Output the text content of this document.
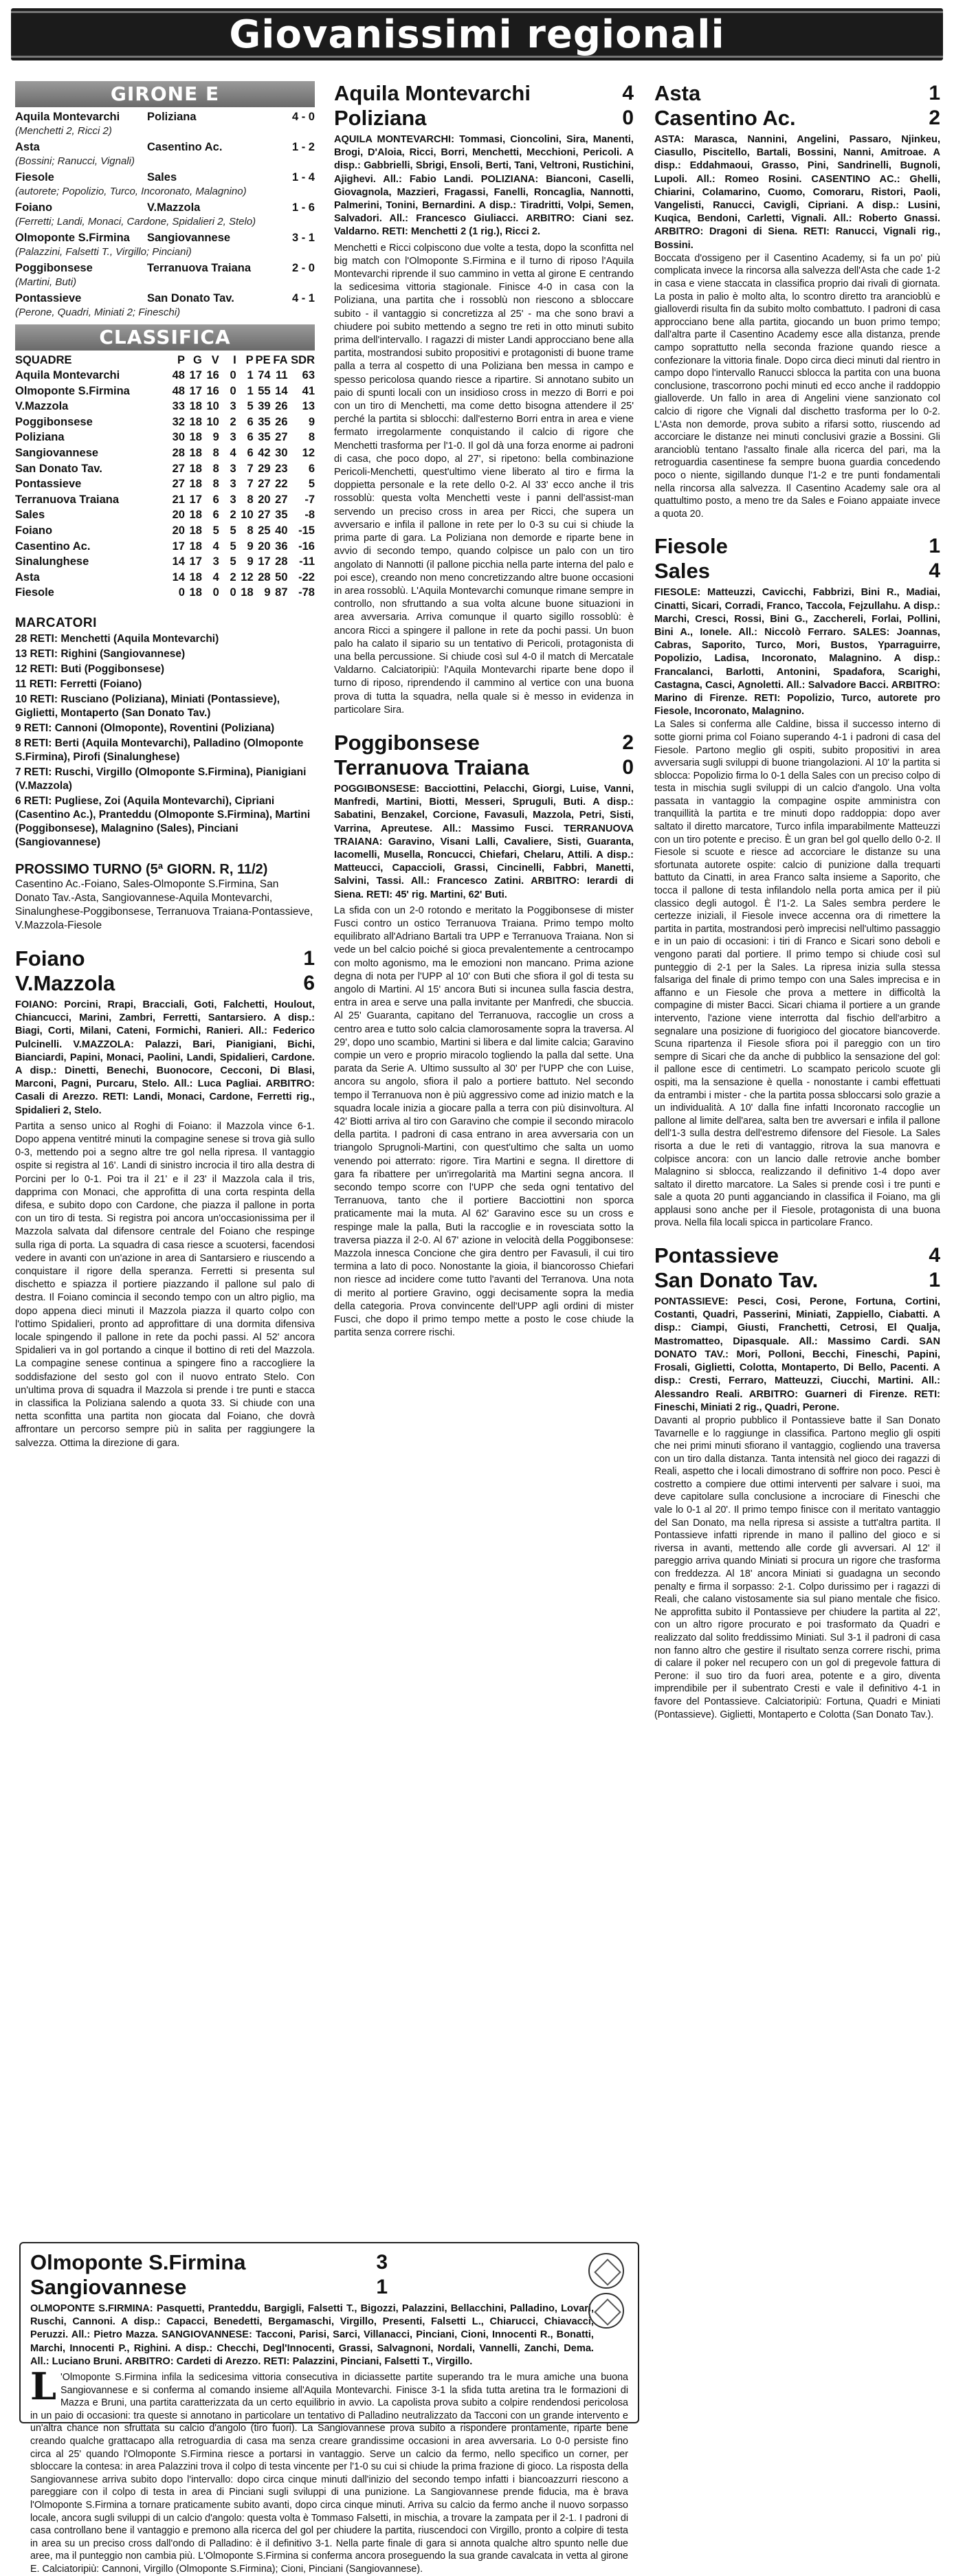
Giovanissimi regionali
GIRONE E
Aquila Montevarchi	Poliziana	4 - 0
(Menchetti 2, Ricci 2)
Asta	Casentino Ac.	1 - 2
(Bossini; Ranucci, Vignali)
Fiesole	Sales	1 - 4
(autorete; Popolizio, Turco, Incoronato, Malagnino)
Foiano	V.Mazzola	1 - 6
(Ferretti; Landi, Monaci, Cardone, Spidalieri 2, Stelo)
Olmoponte S.Firmina	Sangiovannese	3 - 1
(Palazzini, Falsetti T., Virgillo; Pinciani)
Poggibonsese	Terranuova Traiana	2 - 0
(Martini, Buti)
Pontassieve	San Donato Tav.	4 - 1
(Perone, Quadri, Miniati 2; Fineschi)
CLASSIFICA
SQUADRE	P	G	V	I	P	PE	FA	SDR
Aquila Montevarchi	48	17	16	0	1	74	11	63
Olmoponte S.Firmina	48	17	16	0	1	55	14	41
V.Mazzola	33	18	10	3	5	39	26	13
Poggibonsese	32	18	10	2	6	35	26	9
Poliziana	30	18	9	3	6	35	27	8
Sangiovannese	28	18	8	4	6	42	30	12
San Donato Tav.	27	18	8	3	7	29	23	6
Pontassieve	27	18	8	3	7	27	22	5
Terranuova Traiana	21	17	6	3	8	20	27	-7
Sales	20	18	6	2	10	27	35	-8
Foiano	20	18	5	5	8	25	40	-15
Casentino Ac.	17	18	4	5	9	20	36	-16
Sinalunghese	14	17	3	5	9	17	28	-11
Asta	14	18	4	2	12	28	50	-22
Fiesole	0	18	0	0	18	9	87	-78
MARCATORI
28 RETI: Menchetti (Aquila Montevarchi)
13 RETI: Righini (Sangiovannese)
12 RETI: Buti (Poggibonsese)
11 RETI: Ferretti (Foiano)
10 RETI: Rusciano (Poliziana), Miniati (Pontassieve), Giglietti, Montaperto (San Donato Tav.)
9 RETI: Cannoni (Olmoponte), Roventini (Poliziana)
8 RETI: Berti (Aquila Montevarchi), Palladino (Olmoponte S.Firmina), Pirofi (Sinalunghese)
7 RETI: Ruschi, Virgillo (Olmoponte S.Firmina), Pianigiani (V.Mazzola)
6 RETI: Pugliese, Zoi (Aquila Montevarchi), Cipriani (Casentino Ac.), Pranteddu (Olmoponte S.Firmina), Martini (Poggibonsese), Malagnino (Sales), Pinciani (Sangiovannese)
PROSSIMO TURNO (5ª GIORN. R, 11/2)
Casentino Ac.-Foiano, Sales-Olmoponte S.Firmina, San Donato Tav.-Asta, Sangiovannese-Aquila Montevarchi, Sinalunghese-Poggibonsese, Terranuova Traiana-Pontassieve, V.Mazzola-Fiesole
Foiano	1
V.Mazzola	6
FOIANO: Porcini, Rrapi, Bracciali, Goti, Falchetti, Houlout, Chiancucci, Marini, Zambri, Ferretti, Santarsiero. A disp.: Biagi, Corti, Milani, Cateni, Formichi, Ranieri. All.: Federico Pulcinelli. V.MAZZOLA: Palazzi, Bari, Pianigiani, Bichi, Bianciardi, Papini, Monaci, Paolini, Landi, Spidalieri, Cardone. A disp.: Dinetti, Benechi, Buonocore, Cecconi, Di Blasi, Marconi, Pagni, Purcaru, Stelo. All.: Luca Pagliai. ARBITRO: Casali di Arezzo. RETI: Landi, Monaci, Cardone, Ferretti rig., Spidalieri 2, Stelo.
Partita a senso unico al Roghi di Foiano: il Mazzola vince 6-1. Dopo appena ventitré minuti la compagine senese si trova già sullo 0-3, mettendo poi a segno altre tre gol nella ripresa. Il vantaggio ospite si registra al 16'. Landi di sinistro incrocia il tiro alla destra di Porcini per lo 0-1. Poi tra il 21' e il 23' il Mazzola cala il tris, dapprima con Monaci, che approfitta di una corta respinta della difesa, e subito dopo con Cardone, che piazza il pallone in porta con un tiro di testa. Si registra poi ancora un'occasionissima per il Mazzola salvata dal difensore centrale del Foiano che respinge sulla riga di porta. La squadra di casa riesce a scuotersi, facendosi vedere in avanti con un'azione in area di Santarsiero e riuscendo a conquistare il rigore della speranza. Ferretti si presenta sul dischetto e spiazza il portiere piazzando il pallone sul palo di destra. Il Foiano comincia il secondo tempo con un altro piglio, ma dopo appena dieci minuti il Mazzola piazza il quarto colpo con l'ottimo Spidalieri, pronto ad approfittare di una dormita difensiva locale spingendo il pallone in rete da pochi passi. Al 52' ancora Spidalieri va in gol portando a cinque il bottino di reti del Mazzola. La compagine senese continua a spingere fino a raccogliere la soddisfazione del sesto gol con il nuovo entrato Stelo. Con un'ultima prova di squadra il Mazzola si prende i tre punti e stacca in classifica la Poliziana salendo a quota 33. Si chiude con una netta sconfitta una partita non giocata dal Foiano, che dovrà affrontare un percorso sempre più in salita per raggiungere la salvezza. Ottima la direzione di gara.
Aquila Montevarchi	4
Poliziana	0
AQUILA MONTEVARCHI: Tommasi, Cioncolini, Sira, Manenti, Brogi, D'Aloia, Ricci, Borri, Menchetti, Mecchioni, Pericoli. A disp.: Gabbrielli, Sbrigi, Ensoli, Berti, Tani, Veltroni, Rustichini, Ajighevi. All.: Fabio Landi. POLIZIANA: Bianconi, Caselli, Giovagnola, Mazzieri, Fragassi, Fanelli, Roncaglia, Nannotti, Palmerini, Tonini, Bernardini. A disp.: Tiradritti, Volpi, Semen, Salvadori. All.: Francesco Giuliacci. ARBITRO: Ciani sez. Valdarno. RETI: Menchetti 2 (1 rig.), Ricci 2.
Menchetti e Ricci colpiscono due volte a testa, dopo la sconfitta nel big match con l'Olmoponte S.Firmina e il turno di riposo l'Aquila Montevarchi riprende il suo cammino in vetta al girone E centrando la sedicesima vittoria stagionale. Finisce 4-0 in casa con la Poliziana, una partita che i rossoblù non riescono a sbloccare subito - il vantaggio si concretizza al 25' - ma che sono bravi a chiudere poi subito mettendo a segno tre reti in otto minuti subito prima dell'intervallo. I ragazzi di mister Landi approcciano bene alla partita, mostrandosi subito propositivi e protagonisti di buone trame palla a terra al cospetto di una Poliziana ben messa in campo e spesso pericolosa quando riesce a ripartire. Si annotano subito un paio di spunti locali con un insidioso cross in mezzo di Borri e poi con un tiro di Menchetti, ma come detto bisogna attendere il 25' perché la partita si sblocchi: dall'esterno Borri entra in area e viene fermato irregolarmente conquistando il calcio di rigore che Menchetti trasforma per l'1-0. Il gol dà una forza enorme ai padroni di casa, che poco dopo, al 27', si ripetono: bella combinazione Pericoli-Menchetti, quest'ultimo viene liberato al tiro e firma la doppietta personale e la rete dello 0-2. Al 33' ecco anche il tris rossoblù: questa volta Menchetti veste i panni dell'assist-man servendo un preciso cross in area per Ricci, che supera un avversario e infila il pallone in rete per lo 0-3 su cui si chiude la prima parte di gara. La Poliziana non demorde e riparte bene in avvio di secondo tempo, quando colpisce un palo con un tiro angolato di Nannotti (il pallone picchia nella parte interna del palo e poi esce), creando non meno concretizzando altre buone occasioni in area rossoblù. L'Aquila Montevarchi comunque rimane sempre in controllo, non sfruttando a sua volta alcune buone situazioni in area avversaria. Arriva comunque il quarto sigillo rossoblù: è ancora Ricci a spingere il pallone in rete da pochi passi. Un buon palo ha calato il sipario su un tentativo di Pericoli, protagonista di una bella percussione. Si chiude così sul 4-0 il match di Mercatale Valdarno. Calciatoripiù: l'Aquila Montevarchi riparte bene dopo il turno di riposo, riprendendo il cammino al vertice con una buona prova di tutta la squadra, nella quale si è messo in evidenza in particolare Sira.
Poggibonsese	2
Terranuova Traiana	0
POGGIBONSESE: Bacciottini, Pelacchi, Giorgi, Luise, Vanni, Manfredi, Martini, Biotti, Messeri, Spruguli, Buti. A disp.: Sabatini, Benzakel, Corcione, Favasuli, Mazzola, Petri, Sisti, Varrina, Apreutese. All.: Massimo Fusci. TERRANUOVA TRAIANA: Garavino, Visani Lalli, Cavaliere, Sisti, Guaranta, Iacomelli, Musella, Roncucci, Chiefari, Chelaru, Attili. A disp.: Matteucci, Capaccioli, Grassi, Cincinelli, Fabbri, Manetti, Salvini, Tassi. All.: Francesco Zatini. ARBITRO: Ierardi di Siena. RETI: 45' rig. Martini, 62' Buti.
La sfida con un 2-0 rotondo e meritato la Poggibonsese di mister Fusci contro un ostico Terranuova Traiana. Primo tempo molto equilibrato all'Adriano Bartali tra UPP e Terranuova Traiana. Non si vede un bel calcio poiché si gioca prevalentemente a centrocampo con molto agonismo, ma le emozioni non mancano. Prima azione degna di nota per l'UPP al 10' con Buti che sfiora il gol di testa su angolo di Martini. Al 15' ancora Buti si incunea sulla fascia destra, entra in area e serve una palla invitante per Manfredi, che sbuccia. Al 25' Guaranta, capitano del Terranuova, raccoglie un cross a centro area e tutto solo calcia clamorosamente sopra la traversa. Al 29', dopo uno scambio, Martini si libera e dal limite calcia; Garavino compie un vero e proprio miracolo togliendo la palla dal sette. Una parata da Serie A. Ultimo sussulto al 30' per l'UPP che con Luise, ancora su angolo, sfiora il palo a portiere battuto. Nel secondo tempo il Terranuova non è più aggressivo come ad inizio match e la squadra locale inizia a giocare palla a terra con più disinvoltura. Al 42' Biotti arriva al tiro con Garavino che compie il secondo miracolo della partita. I padroni di casa entrano in area avversaria con un triangolo Sprugnoli-Martini, con quest'ultimo che salta un uomo venendo poi atterrato: rigore. Tira Martini e segna. Il direttore di gara fa ribattere per un'irregolarità ma Martini segna ancora. Il secondo tempo scorre con l'UPP che seda ogni tentativo del Terranuova, tanto che il portiere Bacciottini non sporca praticamente mai la muta. Al 62' Garavino esce su un cross e respinge male la palla, Buti la raccoglie e in rovesciata sotto la traversa piazza il 2-0. Al 67' azione in velocità della Poggibonsese: Mazzola innesca Concione che gira dentro per Favasuli, il cui tiro termina a lato di poco. Nonostante la gioia, il biancorosso Chiefari non riesce ad incidere come tutto l'avanti del Terranova. Una nota di merito al portiere Gravino, oggi decisamente sopra la media della categoria. Prova convincente dell'UPP agli ordini di mister Fusci, che dopo il primo tempo mette a posto le cose chiude la partita senza correre rischi.
Asta	1
Casentino Ac.	2
ASTA: Marasca, Nannini, Angelini, Passaro, Njinkeu, Ciasullo, Piscitello, Bartali, Bossini, Nanni, Amitroae. A disp.: Eddahmaoui, Grasso, Pini, Sandrinelli, Bugnoli, Lupoli. All.: Romeo Rosini. CASENTINO AC.: Ghelli, Chiarini, Colamarino, Cuomo, Comoraru, Ristori, Paoli, Vangelisti, Ranucci, Cavigli, Cipriani. A disp.: Lusini, Kuqica, Bendoni, Carletti, Vignali. All.: Roberto Gnassi. ARBITRO: Dragoni di Siena. RETI: Ranucci, Vignali rig., Bossini.
Boccata d'ossigeno per il Casentino Academy, si fa un po' più complicata invece la rincorsa alla salvezza dell'Asta che cade 1-2 in casa e viene staccata in classifica proprio dai rivali di giornata. La posta in palio è molto alta, lo scontro diretto tra arancioblù e gialloverdi risulta fin da subito molto combattuto. I padroni di casa approcciano bene alla partita, giocando un buon primo tempo; dall'altra parte il Casentino Academy esce alla distanza, prende campo soprattutto nella seconda frazione quando riesce a confezionare la vittoria finale. Dopo circa dieci minuti dal rientro in campo dopo l'intervallo Ranucci sblocca la partita con una buona conclusione, trascorrono pochi minuti ed ecco anche il raddoppio gialloverde. Un fallo in area di Angelini viene sanzionato col calcio di rigore che Vignali dal dischetto trasforma per lo 0-2. L'Asta non demorde, prova subito a rifarsi sotto, riuscendo ad accorciare le distanze nei minuti conclusivi grazie a Bossini. Gli arancioblù tentano l'assalto finale alla ricerca del pari, ma la retroguardia casentinese fa sempre buona guardia concedendo poco o niente, sigillando dunque l'1-2 e tre punti fondamentali nella rincorsa alla salvezza. Il Casentino Academy sale ora al quattultimo posto, a meno tre da Sales e Foiano appaiate invece a quota 20.
Fiesole	1
Sales	4
FIESOLE: Matteuzzi, Cavicchi, Fabbrizi, Bini R., Madiai, Cinatti, Sicari, Corradi, Franco, Taccola, Fejzullahu. A disp.: Marchi, Cresci, Rossi, Bini G., Zacchereli, Forlai, Pollini, Bini A., Ionele. All.: Niccolò Ferraro. SALES: Joannas, Cabras, Saporito, Turco, Mori, Bustos, Yparraguirre, Popolizio, Ladisa, Incoronato, Malagnino. A disp.: Francalanci, Barlotti, Antonini, Spadafora, Scarighi, Castagna, Casci, Agnoletti. All.: Salvadore Bacci. ARBITRO: Marino di Firenze. RETI: Popolizio, Turco, autorete pro Fiesole, Incoronato, Malagnino.
La Sales si conferma alle Caldine, bissa il successo interno di sotte giorni prima col Foiano superando 4-1 i padroni di casa del Fiesole. Partono meglio gli ospiti, subito propositivi in area avversaria sugli sviluppi di buone triangolazioni. Al 10' la partita si sblocca: Popolizio firma lo 0-1 della Sales con un preciso colpo di testa in mischia sugli sviluppi di un calcio d'angolo. Una volta passata in vantaggio la compagine ospite amministra con tranquillità la partita e tre minuti dopo raddoppia: dopo aver saltato il diretto marcatore, Turco infila imparabilmente Matteuzzi con un tiro potente e preciso. È un gran bel gol quello dello 0-2. Il Fiesole si scuote e riesce ad accorciare le distanze su una sfortunata autorete ospite: calcio di punizione dalla trequarti battuto da Cinatti, in area Franco salta insieme a Saporito, che tocca il pallone di testa infilandolo nella porta amica per il più classico degli autogol. È l'1-2. La Sales sembra perdere le certezze iniziali, il Fiesole invece accenna ora di rimettere la partita in partita, mostrandosi però imprecisi nell'ultimo passaggio e in un paio di occasioni: i tiri di Franco e Sicari sono deboli e vengono parati dal portiere. Il primo tempo si chiude così sul punteggio di 2-1 per la Sales. La ripresa inizia sulla stessa falsariga del finale di primo tempo con una Sales imprecisa e in affanno e un Fiesole che prova a mettere in difficoltà la compagine di mister Bacci. Sicari chiama il portiere a un grande intervento, l'azione viene interrotta dal fischio dell'arbitro a segnalare una posizione di fuorigioco del giocatore biancoverde. Scuna ripartenza il Fiesole sfiora poi il pareggio con un tiro sempre di Sicari che da anche di pubblico la sensazione del gol: il pallone esce di centimetri. Lo scampato pericolo scuote gli ospiti, ma la sensazione è quella - nonostante i cambi effettuati da entrambi i mister - che la partita possa sbloccarsi solo grazie a un individualità. A 10' dalla fine infatti Incoronato raccoglie un pallone al limite dell'area, salta ben tre avversari e infila il pallone dell'1-3 sulla destra dell'estremo difensore del Fiesole. La Sales risorta a due le reti di vantaggio, ritrova la sua manovra e colpisce ancora: con un lancio dalle retrovie anche bomber Malagnino si sblocca, realizzando il definitivo 1-4 dopo aver saltato il diretto marcatore. La Sales si prende così i tre punti e sale a quota 20 punti agganciando in classifica il Foiano, ma gli applausi sono anche per il Fiesole, protagonista di una buona prova. Nella fila locali spicca in particolare Franco.
Pontassieve	4
San Donato Tav.	1
PONTASSIEVE: Pesci, Cosi, Perone, Fortuna, Cortini, Costanti, Quadri, Passerini, Miniati, Zappiello, Ciabatti. A disp.: Ciampi, Giusti, Franchetti, Cetrosi, El Qualja, Mastromatteo, Dipasquale. All.: Massimo Cardi. SAN DONATO TAV.: Mori, Polloni, Becchi, Fineschi, Papini, Frosali, Giglietti, Colotta, Montaperto, Di Bello, Pacenti. A disp.: Cresti, Ferraro, Matteuzzi, Ciucchi, Martini. All.: Alessandro Reali. ARBITRO: Guarneri di Firenze. RETI: Fineschi, Miniati 2 rig., Quadri, Perone.
Davanti al proprio pubblico il Pontassieve batte il San Donato Tavarnelle e lo raggiunge in classifica. Partono meglio gli ospiti che nei primi minuti sfiorano il vantaggio, cogliendo una traversa con un tiro dalla distanza. Tanta intensità nel gioco dei ragazzi di Reali, aspetto che i locali dimostrano di soffrire non poco. Pesci è costretto a compiere due ottimi interventi per salvare i suoi, ma deve capitolare sulla conclusione a incrociare di Fineschi che vale lo 0-1 al 20'. Il primo tempo finisce con il meritato vantaggio del San Donato, ma nella ripresa si assiste a tutt'altra partita. Il Pontassieve infatti riprende in mano il pallino del gioco e si riversa in avanti, mettendo alle corde gli avversari. Al 12' il pareggio arriva quando Miniati si procura un rigore che trasforma con freddezza. Al 18' ancora Miniati si guadagna un secondo penalty e firma il sorpasso: 2-1. Colpo durissimo per i ragazzi di Reali, che calano vistosamente sia sul piano mentale che fisico. Ne approfitta subito il Pontassieve per chiudere la partita al 22', con un altro rigore procurato e poi trasformato da Quadri e realizzato dal solito freddissimo Miniati. Sul 3-1 il padroni di casa non fanno altro che gestire il risultato senza correre rischi, prima di calare il poker nel recupero con un gol di pregevole fattura di Perone: il suo tiro da fuori area, potente e a giro, diventa imprendibile per il subentrato Cresti e vale il definitivo 4-1 in favore del Pontassieve. Calciatoripiù: Fortuna, Quadri e Miniati (Pontassieve). Giglietti, Montaperto e Colotta (San Donato Tav.).
Olmoponte S.Firmina	3
Sangiovannese	1
OLMOPONTE S.FIRMINA: Pasquetti, Pranteddu, Bargigli, Falsetti T., Bigozzi, Palazzini, Bellacchini, Palladino, Lovari, Ruschi, Cannoni. A disp.: Capacci, Benedetti, Bergamaschi, Virgillo, Presenti, Falsetti L., Chiarucci, Chiavacci, Peruzzi. All.: Pietro Mazza. SANGIOVANNESE: Tacconi, Parisi, Sarci, Villanacci, Pinciani, Cioni, Innocenti R., Bonatti, Marchi, Innocenti P., Righini. A disp.: Checchi, Degl'Innocenti, Grassi, Salvagnoni, Nordali, Vannelli, Zanchi, Dema. All.: Luciano Bruni. ARBITRO: Cardeti di Arezzo. RETI: Palazzini, Pinciani, Falsetti T., Virgillo.
L 'Olmoponte S.Firmina infila la sedicesima vittoria consecutiva in diciassette partite superando tra le mura amiche una buona Sangiovannese e si conferma al comando insieme all'Aquila Montevarchi. Finisce 3-1 la sfida tutta aretina tra le formazioni di Mazza e Bruni, una partita caratterizzata da un certo equilibrio in avvio. La capolista prova subito a colpire rendendosi pericolosa in un paio di occasioni: tra queste si annotano in particolare un tentativo di Palladino neutralizzato da Tacconi con un grande intervento e un'altra chance non sfruttata su calcio d'angolo (tiro fuori). La Sangiovannese prova subito a rispondere prontamente, riparte bene creando qualche grattacapo alla retroguardia di casa ma senza creare grandissime occasioni in area avversaria. Lo 0-0 persiste fino circa al 25' quando l'Olmoponte S.Firmina riesce a portarsi in vantaggio. Serve un calcio da fermo, nello specifico un corner, per sbloccare la contesa: in area Palazzini trova il colpo di testa vincente per l'1-0 su cui si chiude la prima frazione di gioco. La risposta della Sangiovannese arriva subito dopo l'intervallo: dopo circa cinque minuti dall'inizio del secondo tempo infatti i biancoazzurri riescono a pareggiare con il colpo di testa in area di Pinciani sugli sviluppi di una punizione. La Sangiovannese prende fiducia, ma è brava l'Olmoponte S.Firmina a tornare praticamente subito avanti, dopo circa cinque minuti. Arriva su calcio da fermo anche il nuovo sorpasso locale, ancora sugli sviluppi di un calcio d'angolo: questa volta è Tommaso Falsetti, in mischia, a trovare la zampata per il 2-1. I padroni di casa controllano bene il vantaggio e premono alla ricerca del gol per chiudere la partita, riuscendoci con Virgillo, pronto a colpire di testa in area su un preciso cross dall'ondo di Palladino: è il definitivo 3-1. Nella parte finale di gara si annota qualche altro spunto nelle due aree, ma il punteggio non cambia più. L'Olmoponte S.Firmina si conferma ancora proseguendo la sua grande cavalcata in vetta al girone E. Calciatoripiù: Cannoni, Virgillo (Olmoponte S.Firmina); Cioni, Pinciani (Sangiovannese).
